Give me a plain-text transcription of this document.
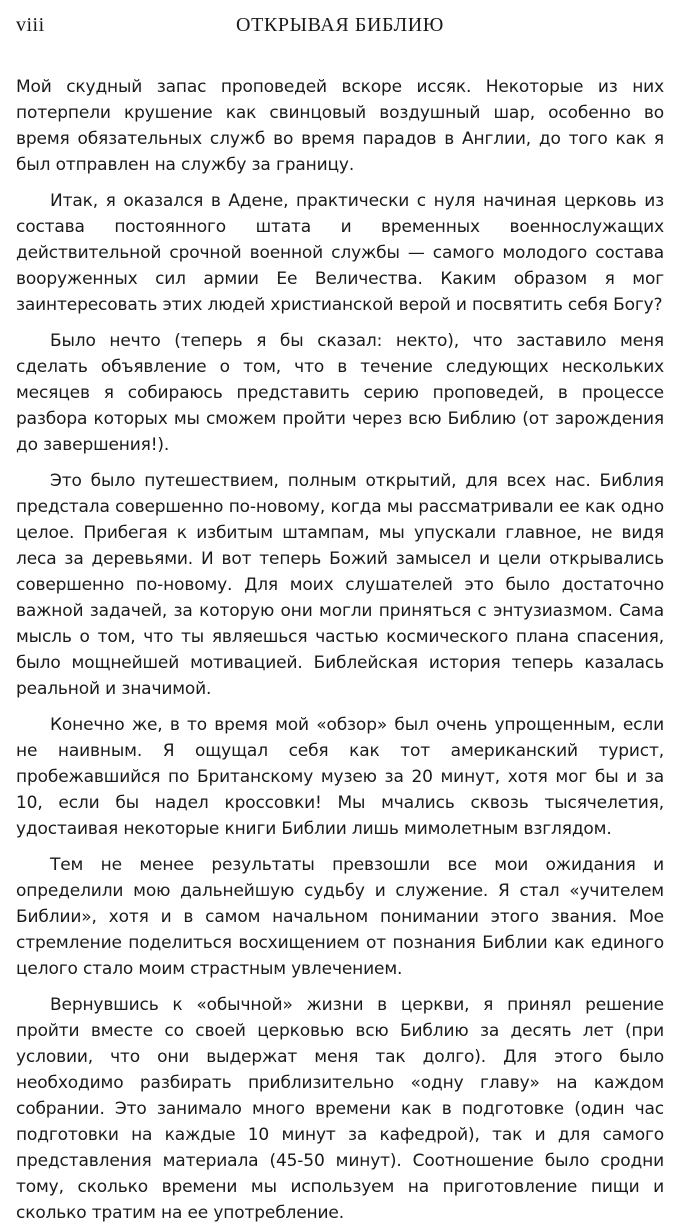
viii	ОТКРЫВАЯ БИБЛИЮ

Мой скудный запас проповедей вскоре иссяк. Некоторые из них потерпели крушение как свинцовый воздушный шар, особенно во время обязательных служб во время парадов в Англии, до того как я был отправлен на службу за границу.

Итак, я оказался в Адене, практически с нуля начиная церковь из состава постоянного штата и временных военнослужащих действительной срочной военной службы — самого молодого состава вооруженных сил армии Ее Величества. Каким образом я мог заинтересовать этих людей христианской верой и посвятить себя Богу?

Было нечто (теперь я бы сказал: некто), что заставило меня сделать объявление о том, что в течение следующих нескольких месяцев я собираюсь представить серию проповедей, в процессе разбора которых мы сможем пройти через всю Библию (от зарождения до завершения!).

Это было путешествием, полным открытий, для всех нас. Библия предстала совершенно по-новому, когда мы рассматривали ее как одно целое. Прибегая к избитым штампам, мы упускали главное, не видя леса за деревьями. И вот теперь Божий замысел и цели открывались совершенно по-новому. Для моих слушателей это было достаточно важной задачей, за которую они могли приняться с энтузиазмом. Сама мысль о том, что ты являешься частью космического плана спасения, было мощнейшей мотивацией. Библейская история теперь казалась реальной и значимой.

Конечно же, в то время мой «обзор» был очень упрощенным, если не наивным. Я ощущал себя как тот американский турист, пробежавшийся по Британскому музею за 20 минут, хотя мог бы и за 10, если бы надел кроссовки! Мы мчались сквозь тысячелетия, удостаивая некоторые книги Библии лишь мимолетным взглядом.

Тем не менее результаты превзошли все мои ожидания и определили мою дальнейшую судьбу и служение. Я стал «учителем Библии», хотя и в самом начальном понимании этого звания. Мое стремление поделиться восхищением от познания Библии как единого целого стало моим страстным увлечением.

Вернувшись к «обычной» жизни в церкви, я принял решение пройти вместе со своей церковью всю Библию за десять лет (при условии, что они выдержат меня так долго). Для этого было необходимо разбирать приблизительно «одну главу» на каждом собрании. Это занимало много времени как в подготовке (один час подготовки на каждые 10 минут за кафедрой), так и для самого представления материала (45-50 минут). Соотношение было сродни тому, сколько времени мы используем на приготовление пищи и сколько тратим на ее употребление.
